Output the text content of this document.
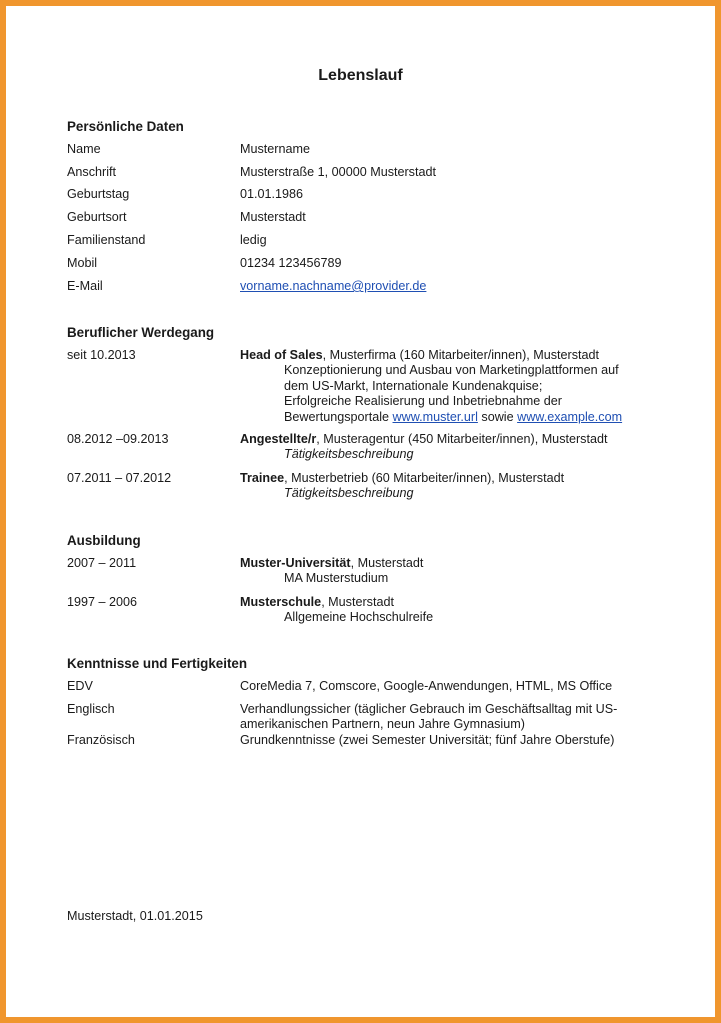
Lebenslauf
Persönliche Daten
Name	Mustername
Anschrift	Musterstraße 1, 00000 Musterstadt
Geburtstag	01.01.1986
Geburtsort	Musterstadt
Familienstand	ledig
Mobil	01234 123456789
E-Mail	vorname.nachname@provider.de
Beruflicher Werdegang
seit 10.2013	Head of Sales, Musterfirma (160 Mitarbeiter/innen), Musterstadt
Konzeptionierung und Ausbau von Marketingplattformen auf
dem US-Markt, Internationale Kundenakquise;
Erfolgreiche Realisierung und Inbetriebnahme der
Bewertungsportale www.muster.url sowie www.example.com
08.2012 –09.2013	Angestellte/r, Musteragentur (450 Mitarbeiter/innen), Musterstadt
Tätigkeitsbeschreibung
07.2011 – 07.2012	Trainee, Musterbetrieb (60 Mitarbeiter/innen), Musterstadt
Tätigkeitsbeschreibung
Ausbildung
2007 – 2011	Muster-Universität, Musterstadt
MA Musterstudium
1997 – 2006	Musterschule, Musterstadt
Allgemeine Hochschulreife
Kenntnisse und Fertigkeiten
EDV	CoreMedia 7, Comscore, Google-Anwendungen, HTML, MS Office
Englisch	Verhandlungssicher (täglicher Gebrauch im Geschäftsalltag mit US-
amerikanischen Partnern, neun Jahre Gymnasium)
Französisch	Grundkenntnisse (zwei Semester Universität; fünf Jahre Oberstufe)
Musterstadt, 01.01.2015
